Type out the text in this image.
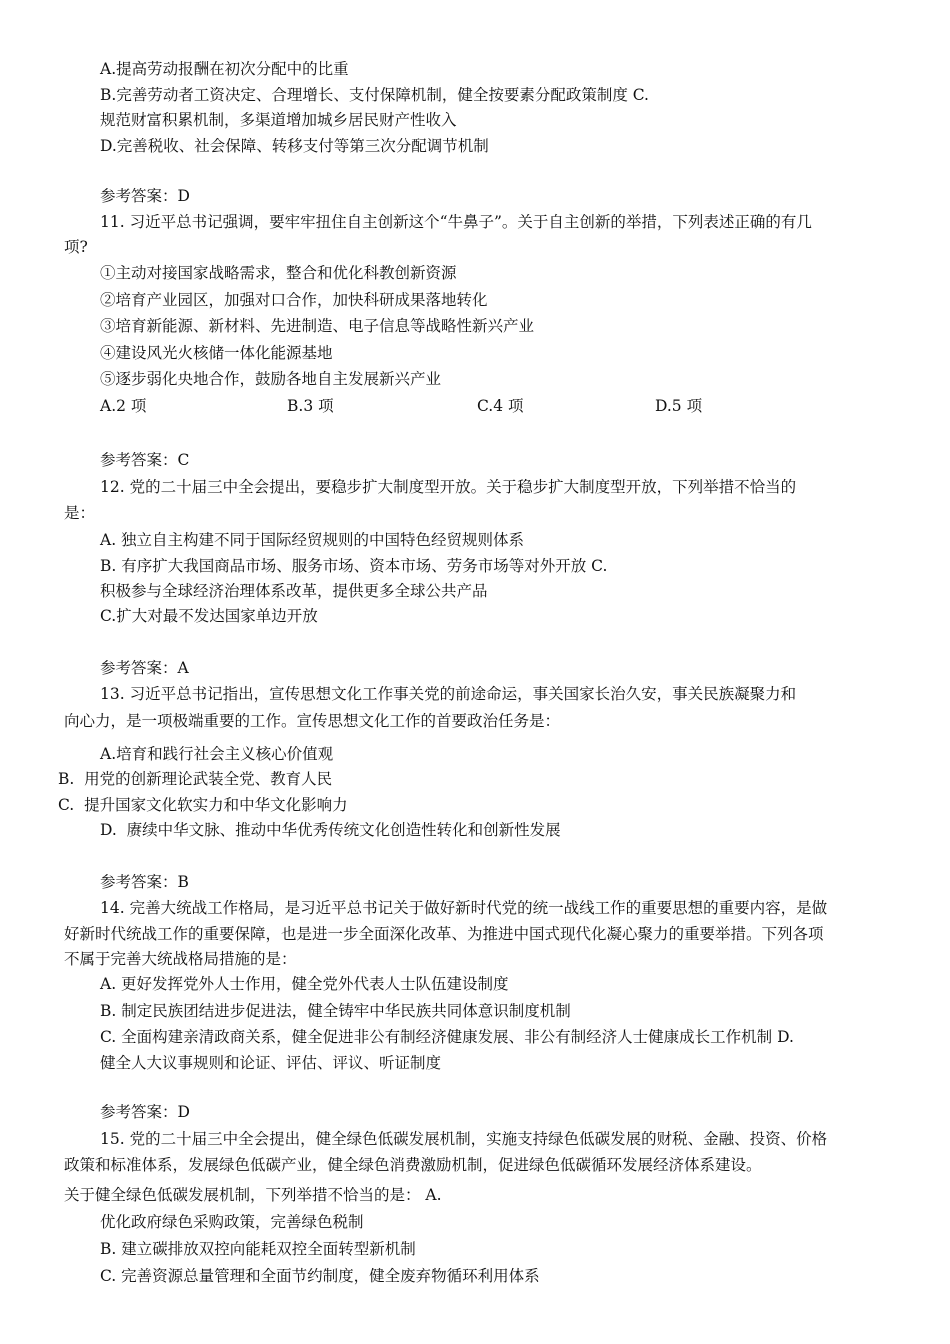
A.提高劳动报酬在初次分配中的比重
B.完善劳动者工资决定、合理增长、支付保障机制，健全按要素分配政策制度 C.
规范财富积累机制，多渠道增加城乡居民财产性收入
D.完善税收、社会保障、转移支付等第三次分配调节机制
参考答案：D
11. 习近平总书记强调，要牢牢扭住自主创新这个“牛鼻子”。关于自主创新的举措，下列表述正确的有几
项?
①主动对接国家战略需求，整合和优化科教创新资源
②培育产业园区，加强对口合作，加快科研成果落地转化
③培育新能源、新材料、先进制造、电子信息等战略性新兴产业
④建设风光火核储一体化能源基地
⑤逐步弱化央地合作，鼓励各地自主发展新兴产业
A.2 项	B.3 项	C.4 项	D.5 项
参考答案：C
12. 党的二十届三中全会提出，要稳步扩大制度型开放。关于稳步扩大制度型开放，下列举措不恰当的
是：
A. 独立自主构建不同于国际经贸规则的中国特色经贸规则体系
B. 有序扩大我国商品市场、服务市场、资本市场、劳务市场等对外开放 C.
积极参与全球经济治理体系改革，提供更多全球公共产品
C.扩大对最不发达国家单边开放
参考答案：A
13. 习近平总书记指出，宣传思想文化工作事关党的前途命运，事关国家长治久安，事关民族凝聚力和
向心力，是一项极端重要的工作。宣传思想文化工作的首要政治任务是：
A.培育和践行社会主义核心价值观
B.  用党的创新理论武装全党、教育人民
C.  提升国家文化软实力和中华文化影响力
D.  赓续中华文脉、推动中华优秀传统文化创造性转化和创新性发展
参考答案：B
14. 完善大统战工作格局，是习近平总书记关于做好新时代党的统一战线工作的重要思想的重要内容，是做
好新时代统战工作的重要保障，也是进一步全面深化改革、为推进中国式现代化凝心聚力的重要举措。下列各项
不属于完善大统战格局措施的是：
A. 更好发挥党外人士作用，健全党外代表人士队伍建设制度
B. 制定民族团结进步促进法，健全铸牢中华民族共同体意识制度机制
C. 全面构建亲清政商关系，健全促进非公有制经济健康发展、非公有制经济人士健康成长工作机制 D.
健全人大议事规则和论证、评估、评议、听证制度
参考答案：D
15. 党的二十届三中全会提出，健全绿色低碳发展机制，实施支持绿色低碳发展的财税、金融、投资、价格
政策和标准体系，发展绿色低碳产业，健全绿色消费激励机制，促进绿色低碳循环发展经济体系建设。
关于健全绿色低碳发展机制，下列举措不恰当的是： A.
优化政府绿色采购政策，完善绿色税制
B. 建立碳排放双控向能耗双控全面转型新机制
C. 完善资源总量管理和全面节约制度，健全废弃物循环利用体系
